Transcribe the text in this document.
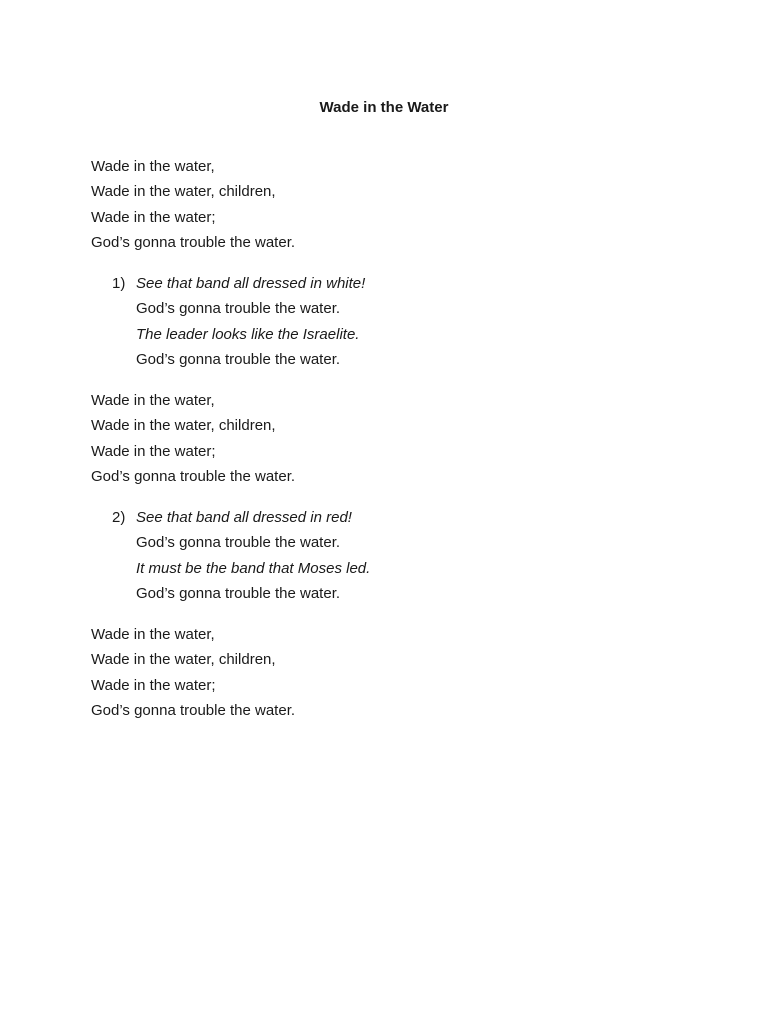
Wade in the Water
Wade in the water,
Wade in the water, children,
Wade in the water;
God’s gonna trouble the water.
1) See that band all dressed in white!
God’s gonna trouble the water.
The leader looks like the Israelite.
God’s gonna trouble the water.
Wade in the water,
Wade in the water, children,
Wade in the water;
God’s gonna trouble the water.
2) See that band all dressed in red!
God’s gonna trouble the water.
It must be the band that Moses led.
God’s gonna trouble the water.
Wade in the water,
Wade in the water, children,
Wade in the water;
God’s gonna trouble the water.
